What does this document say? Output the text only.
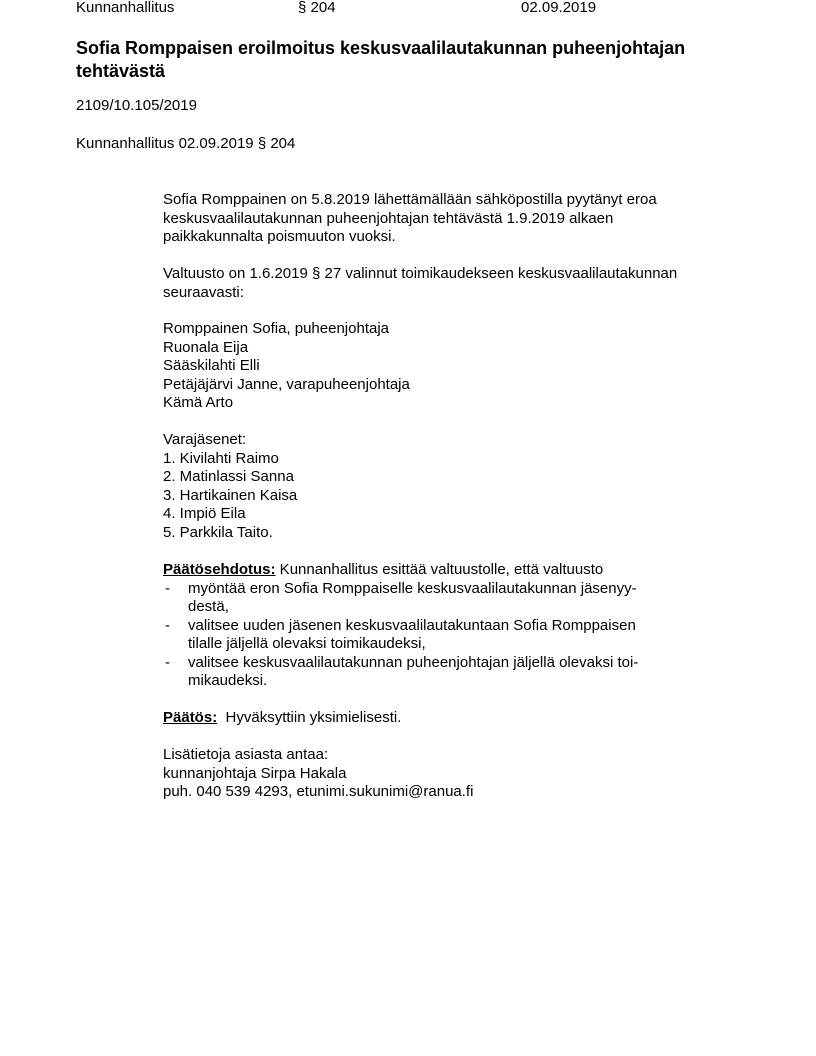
Kunnanhallitus	§ 204	02.09.2019
Sofia Romppaisen eroilmoitus keskusvaalilautakunnan puheenjohtajan
tehtävästä
2109/10.105/2019
Kunnanhallitus 02.09.2019 § 204
Sofia Romppainen on 5.8.2019 lähettämällään sähköpostilla pyytänyt eroa
keskusvaalilautakunnan puheenjohtajan tehtävästä 1.9.2019 alkaen
paikkakunnalta poismuuton vuoksi.
Valtuusto on 1.6.2019 § 27 valinnut toimikaudekseen keskusvaalilautakunnan
seuraavasti:
Romppainen Sofia, puheenjohtaja
Ruonala Eija
Sääskilahti Elli
Petäjäjärvi Janne, varapuheenjohtaja
Kämä Arto
Varajäsenet:
1. Kivilahti Raimo
2. Matinlassi Sanna
3. Hartikainen Kaisa
4. Impiö Eila
5. Parkkila Taito.
Päätösehdotus: Kunnanhallitus esittää valtuustolle, että valtuusto
- myöntää eron Sofia Romppaiselle keskusvaalilautakunnan jäsenyy-
destä,
- valitsee uuden jäsenen keskusvaalilautakuntaan Sofia Romppaisen
tilalle jäljellä olevaksi toimikaudeksi,
- valitsee keskusvaalilautakunnan puheenjohtajan jäljellä olevaksi toi-
mikaudeksi.
Päätös:  Hyväksyttiin yksimielisesti.
Lisätietoja asiasta antaa:
kunnanjohtaja Sirpa Hakala
puh. 040 539 4293, etunimi.sukunimi@ranua.fi
